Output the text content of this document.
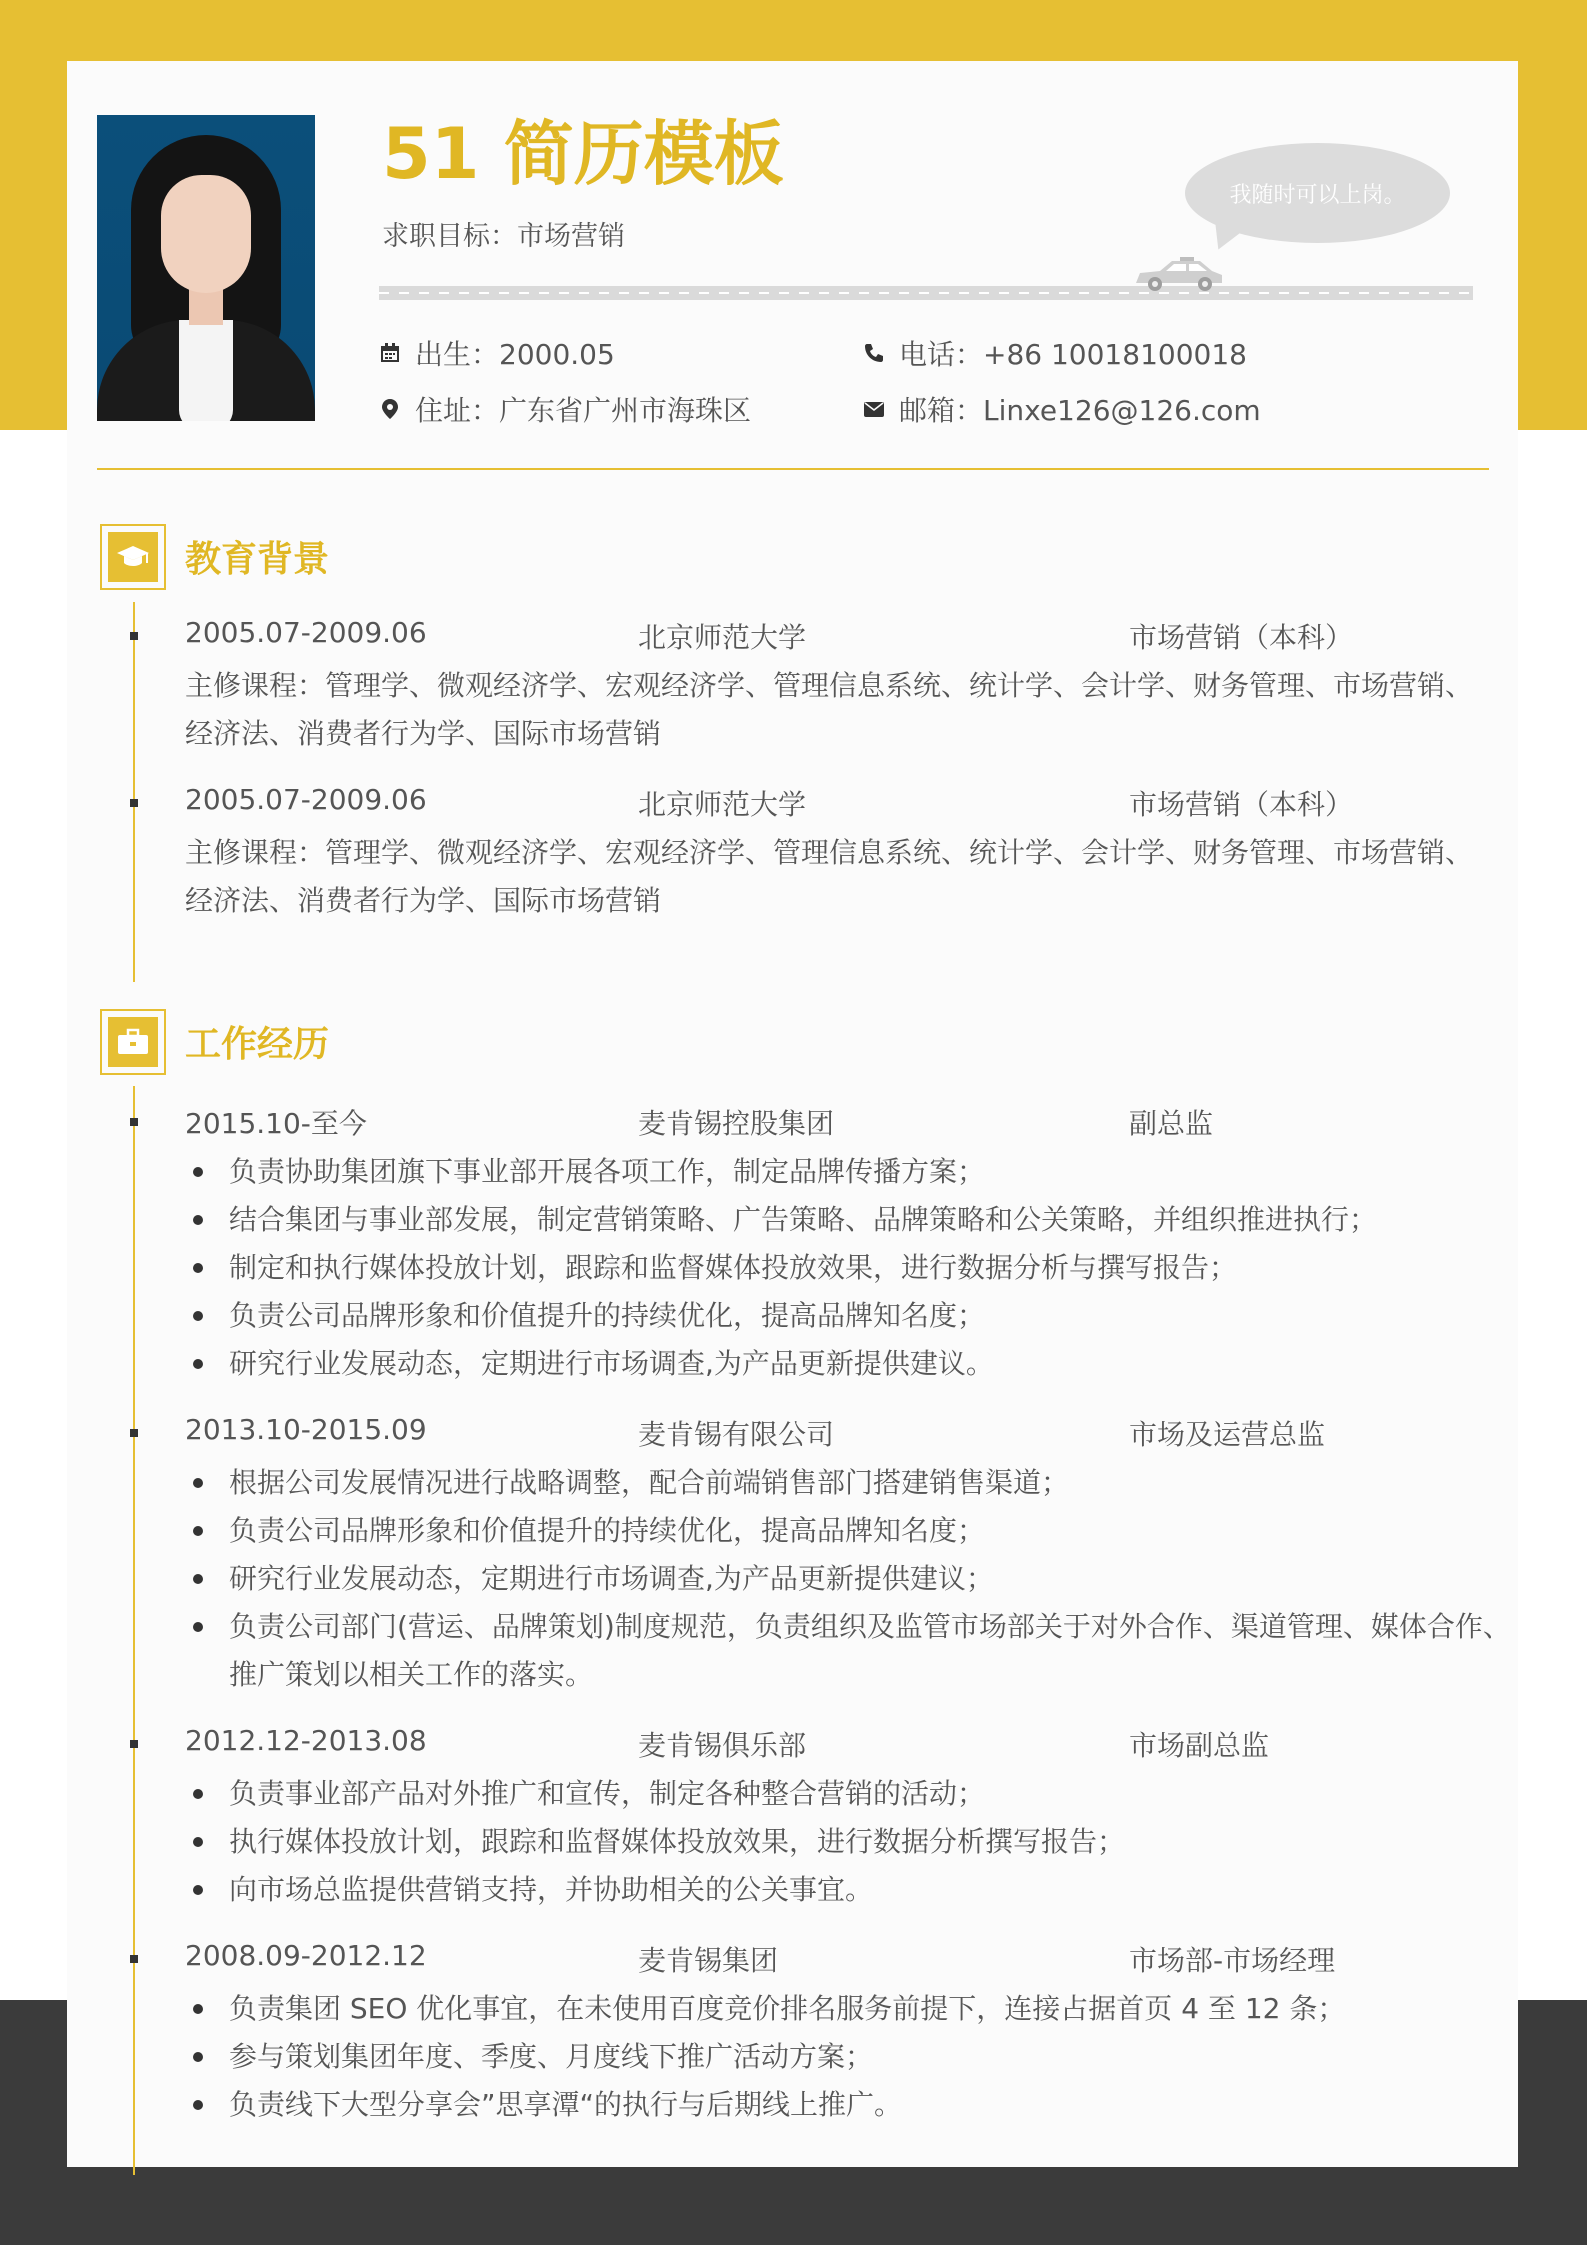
51 简历模板
求职目标：市场营销
我随时可以上岗。
出生：2000.05
住址：广东省广州市海珠区
电话：+86 10018100018
邮箱：Linxe126@126.com
教育背景
2005.07-2009.06	北京师范大学	市场营销（本科）
主修课程：管理学、微观经济学、宏观经济学、管理信息系统、统计学、会计学、财务管理、市场营销、
经济法、消费者行为学、国际市场营销
2005.07-2009.06	北京师范大学	市场营销（本科）
主修课程：管理学、微观经济学、宏观经济学、管理信息系统、统计学、会计学、财务管理、市场营销、
经济法、消费者行为学、国际市场营销
工作经历
2015.10-至今	麦肯锡控股集团	副总监
负责协助集团旗下事业部开展各项工作，制定品牌传播方案；
结合集团与事业部发展，制定营销策略、广告策略、品牌策略和公关策略，并组织推进执行；
制定和执行媒体投放计划，跟踪和监督媒体投放效果，进行数据分析与撰写报告；
负责公司品牌形象和价值提升的持续优化，提高品牌知名度；
研究行业发展动态，定期进行市场调查,为产品更新提供建议。
2013.10-2015.09	麦肯锡有限公司	市场及运营总监
根据公司发展情况进行战略调整，配合前端销售部门搭建销售渠道；
负责公司品牌形象和价值提升的持续优化，提高品牌知名度；
研究行业发展动态，定期进行市场调查,为产品更新提供建议；
负责公司部门(营运、品牌策划)制度规范，负责组织及监管市场部关于对外合作、渠道管理、媒体合作、
推广策划以相关工作的落实。
2012.12-2013.08	麦肯锡俱乐部	市场副总监
负责事业部产品对外推广和宣传，制定各种整合营销的活动；
执行媒体投放计划，跟踪和监督媒体投放效果，进行数据分析撰写报告；
向市场总监提供营销支持，并协助相关的公关事宜。
2008.09-2012.12	麦肯锡集团	市场部-市场经理
负责集团 SEO 优化事宜，在未使用百度竞价排名服务前提下，连接占据首页 4 至 12 条；
参与策划集团年度、季度、月度线下推广活动方案；
负责线下大型分享会”思享潭“的执行与后期线上推广。
